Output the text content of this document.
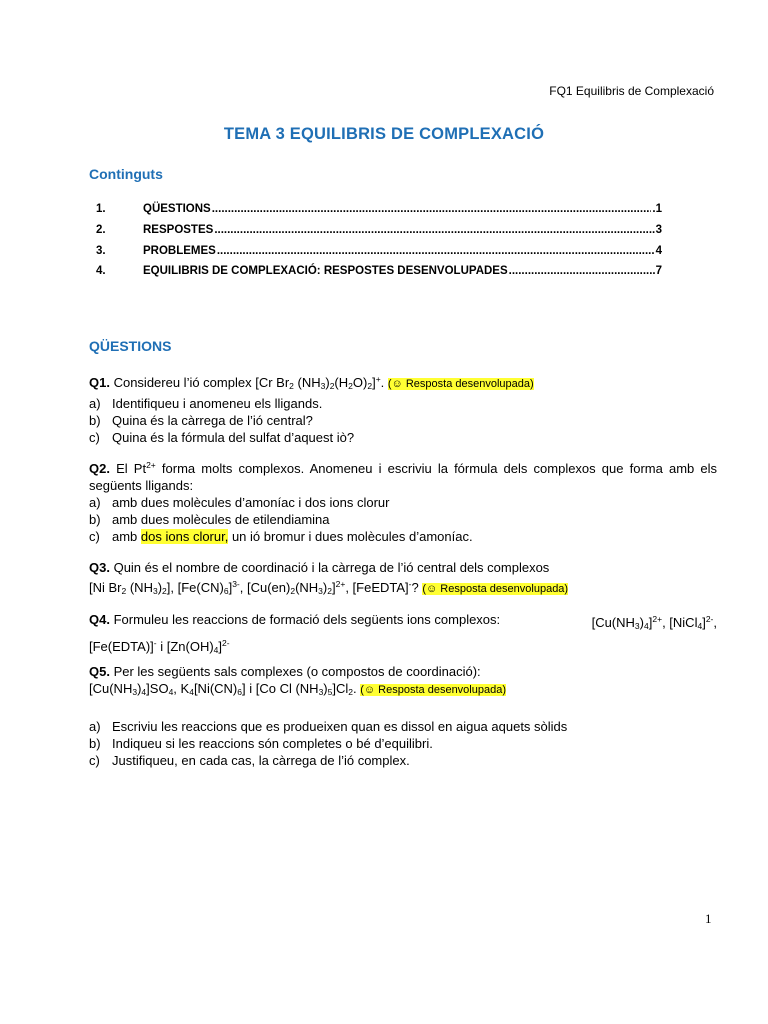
FQ1 Equilibris de Complexació
TEMA 3 EQUILIBRIS DE COMPLEXACIÓ
Continguts
1.	QÜESTIONS .....	.1
2.	RESPOSTES .....	3
3.	PROBLEMES .....	4
4.	EQUILIBRIS DE COMPLEXACIÓ: RESPOSTES DESENVOLUPADES .....	7
QÜESTIONS
Q1. Considereu l’ió complex [Cr $Br_2$ $(NH_3)_2(H_2O)_2]^+$. (☺ Resposta desenvolupada)
a) Identifiqueu i anomeneu els lligands.
b) Quina és la càrrega de l’ió central?
c) Quina és la fórmula del sulfat d’aquest iò?
Q2. El $Pt^{2+}$ forma molts complexos. Anomeneu i escriviu la fórmula dels complexos que forma amb els següents lligands:
a) amb dues molècules d’amoníac i dos ions clorur
b) amb dues molècules de etilendiamina
c) amb dos ions clorur, un ió bromur i dues molècules d’amoníac.
Q3. Quin és el nombre de coordinació i la càrrega de l’ió central dels complexos
[Ni $Br_2$ $(NH_3)_2$], $[Fe(CN)_6]^{3-}$, $[Cu(en)_2(NH_3)_2]^{2+}$, [FeEDTA]-? (☺ Resposta desenvolupada)
Q4. Formuleu les reaccions de formació dels següents ions complexos:	$[Cu(NH_3)_4]^{2+}$, [NiCl$_4$]$^{2-}$,
[Fe(EDTA)]- i $[Zn(OH)_4]^{2-}$
Q5. Per les següents sals complexes (o compostos de coordinació):
$[Cu(NH_3)_4]SO_4$, $K_4[Ni(CN)_6]$ i [Co Cl $(NH_3)_5]Cl_2$. (☺ Resposta desenvolupada)
a) Escriviu les reaccions que es produeixen quan es dissol en aigua aquets sòlids
b) Indiqueu si les reaccions són completes o bé d’equilibri.
c) Justifiqueu, en cada cas, la càrrega de l’ió complex.
1
